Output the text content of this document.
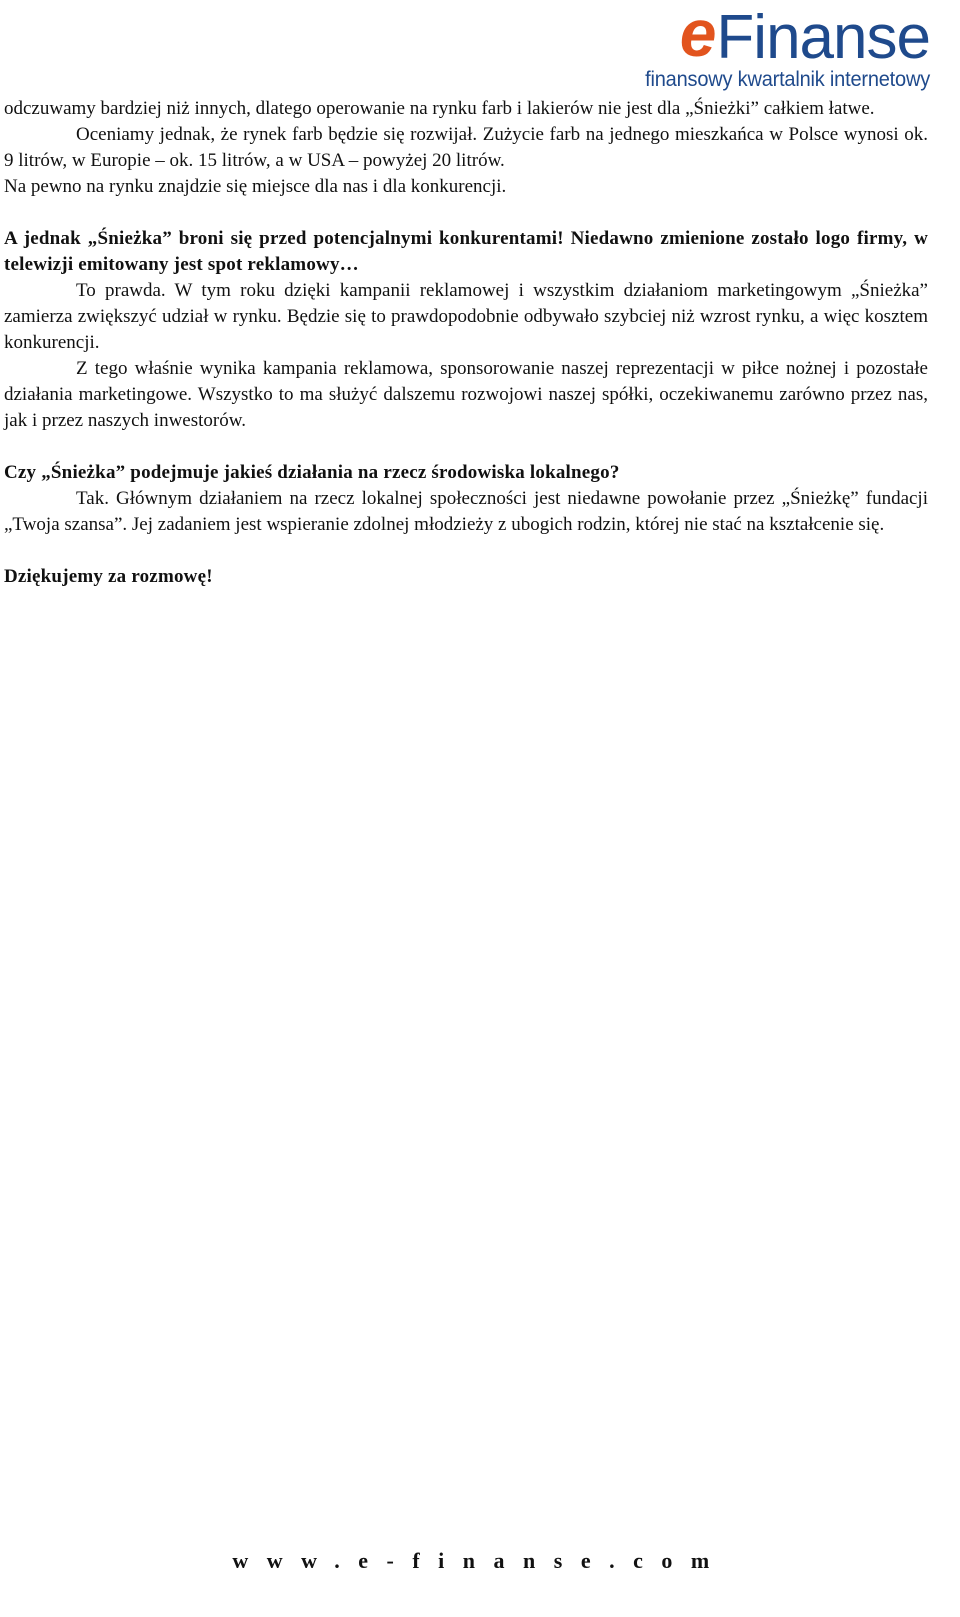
eFinanse
finansowy kwartalnik internetowy

odczuwamy bardziej niż innych, dlatego operowanie na rynku farb i lakierów nie jest dla „Śnieżki” całkiem łatwe.

Oceniamy jednak, że rynek farb będzie się rozwijał. Zużycie farb na jednego mieszkańca w Polsce wynosi ok. 9 litrów, w Europie – ok. 15 litrów, a w USA – powyżej 20 litrów.

Na pewno na rynku znajdzie się miejsce dla nas i dla konkurencji.

A jednak „Śnieżka” broni się przed potencjalnymi konkurentami! Niedawno zmienione zostało logo firmy, w telewizji emitowany jest spot reklamowy…

To prawda. W tym roku dzięki kampanii reklamowej i wszystkim działaniom marketingowym „Śnieżka” zamierza zwiększyć udział w rynku. Będzie się to prawdopodobnie odbywało szybciej niż wzrost rynku, a więc kosztem konkurencji.

Z tego właśnie wynika kampania reklamowa, sponsorowanie naszej reprezentacji w piłce nożnej i pozostałe działania marketingowe. Wszystko to ma służyć dalszemu rozwojowi naszej spółki, oczekiwanemu zarówno przez nas, jak i przez naszych inwestorów.

Czy „Śnieżka” podejmuje jakieś działania na rzecz środowiska lokalnego?

Tak. Głównym działaniem na rzecz lokalnej społeczności jest niedawne powołanie przez „Śnieżkę” fundacji „Twoja szansa”. Jej zadaniem jest wspieranie zdolnej młodzieży z ubogich rodzin, której nie stać na kształcenie się.

Dziękujemy za rozmowę!

www.e-finanse.com
